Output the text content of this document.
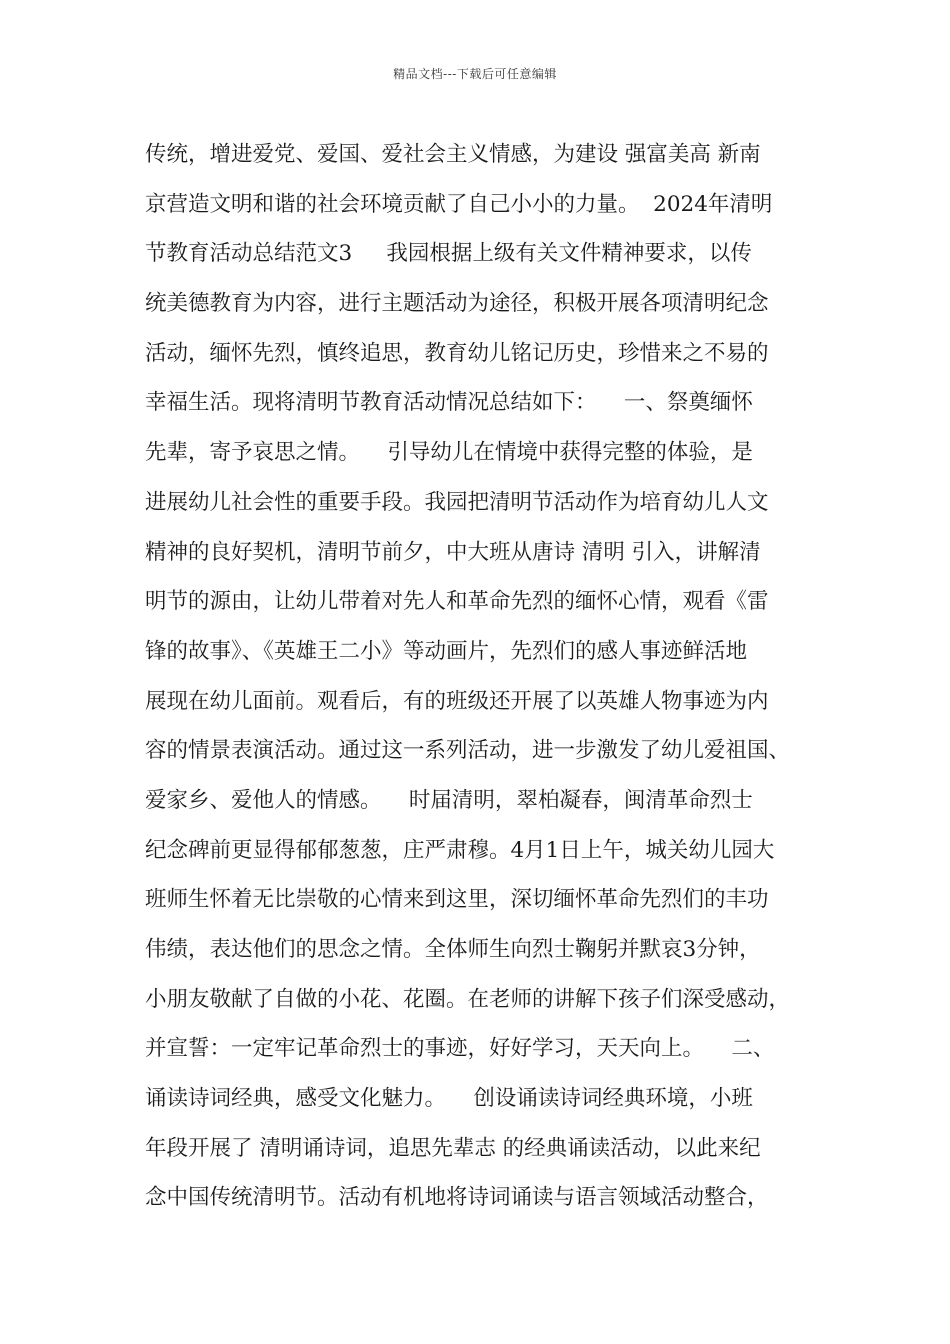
精品文档---下载后可任意编辑
传统，增进爱党、爱国、爱社会主义情感，为建设 强富美高 新南
京营造文明和谐的社会环境贡献了自己小小的力量。  2024年清明
节教育活动总结范文3     我园根据上级有关文件精神要求，以传
统美德教育为内容，进行主题活动为途径，积极开展各项清明纪念
活动，缅怀先烈，慎终追思，教育幼儿铭记历史，珍惜来之不易的
幸福生活。现将清明节教育活动情况总结如下：    一、祭奠缅怀
先辈，寄予哀思之情。    引导幼儿在情境中获得完整的体验，是
进展幼儿社会性的重要手段。我园把清明节活动作为培育幼儿人文
精神的良好契机，清明节前夕，中大班从唐诗 清明 引入，讲解清
明节的源由，让幼儿带着对先人和革命先烈的缅怀心情，观看《雷
锋的故事》、《英雄王二小》等动画片，先烈们的感人事迹鲜活地
展现在幼儿面前。观看后，有的班级还开展了以英雄人物事迹为内
容的情景表演活动。通过这一系列活动，进一步激发了幼儿爱祖国、
爱家乡、爱他人的情感。    时届清明，翠柏凝春，闽清革命烈士
纪念碑前更显得郁郁葱葱，庄严肃穆。4月1日上午，城关幼儿园大
班师生怀着无比崇敬的心情来到这里，深切缅怀革命先烈们的丰功
伟绩，表达他们的思念之情。全体师生向烈士鞠躬并默哀3分钟，
小朋友敬献了自做的小花、花圈。在老师的讲解下孩子们深受感动，
并宣誓：一定牢记革命烈士的事迹，好好学习，天天向上。    二、
诵读诗词经典，感受文化魅力。    创设诵读诗词经典环境，小班
年段开展了 清明诵诗词，追思先辈志 的经典诵读活动，以此来纪
念中国传统清明节。活动有机地将诗词诵读与语言领域活动整合，
